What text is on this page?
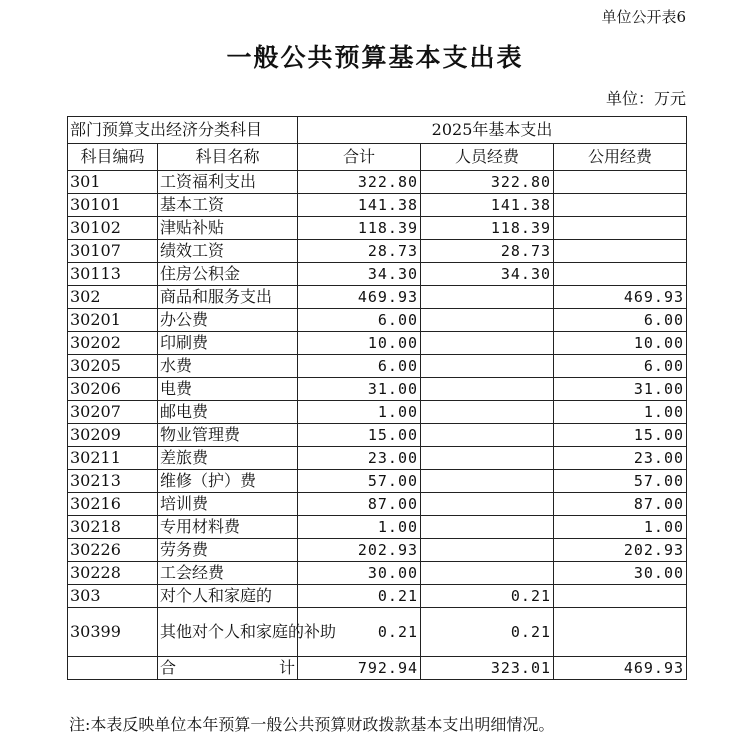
单位公开表6
一般公共预算基本支出表
单位：万元
部门预算支出经济分类科目		2025年基本支出		
科目编码	科目名称	合计	人员经费	公用经费
301	工资福利支出	322.80	322.80	
30101	基本工资	141.38	141.38	
30102	津贴补贴	118.39	118.39	
30107	绩效工资	28.73	28.73	
30113	住房公积金	34.30	34.30	
302	商品和服务支出	469.93		469.93
30201	办公费	6.00		6.00
30202	印刷费	10.00		10.00
30205	水费	6.00		6.00
30206	电费	31.00		31.00
30207	邮电费	1.00		1.00
30209	物业管理费	15.00		15.00
30211	差旅费	23.00		23.00
30213	维修（护）费	57.00		57.00
30216	培训费	87.00		87.00
30218	专用材料费	1.00		1.00
30226	劳务费	202.93		202.93
30228	工会经费	30.00		30.00
303	对个人和家庭的	0.21	0.21	
30399	其他对个人和家庭的补助	0.21	0.21	
	合　　计	792.94	323.01	469.93
注:本表反映单位本年预算一般公共预算财政拨款基本支出明细情况。
